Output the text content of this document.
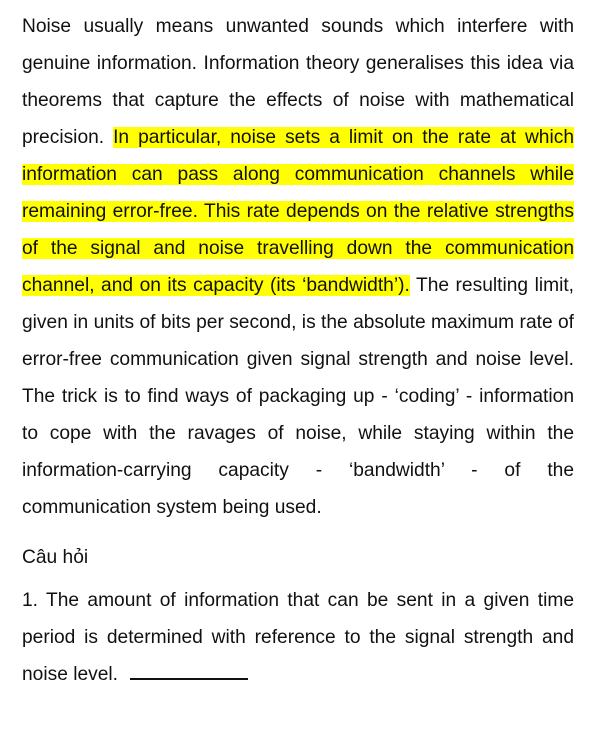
Noise usually means unwanted sounds which interfere with genuine information. Information theory generalises this idea via theorems that capture the effects of noise with mathematical precision. In particular, noise sets a limit on the rate at which information can pass along communication channels while remaining error-free. This rate depends on the relative strengths of the signal and noise travelling down the communication channel, and on its capacity (its ‘bandwidth’). The resulting limit, given in units of bits per second, is the absolute maximum rate of error-free communication given signal strength and noise level. The trick is to find ways of packaging up - ‘coding’ - information to cope with the ravages of noise, while staying within the information-carrying capacity - ‘bandwidth’ - of the communication system being used.

Câu hỏi

1. The amount of information that can be sent in a given time period is determined with reference to the signal strength and noise level.
